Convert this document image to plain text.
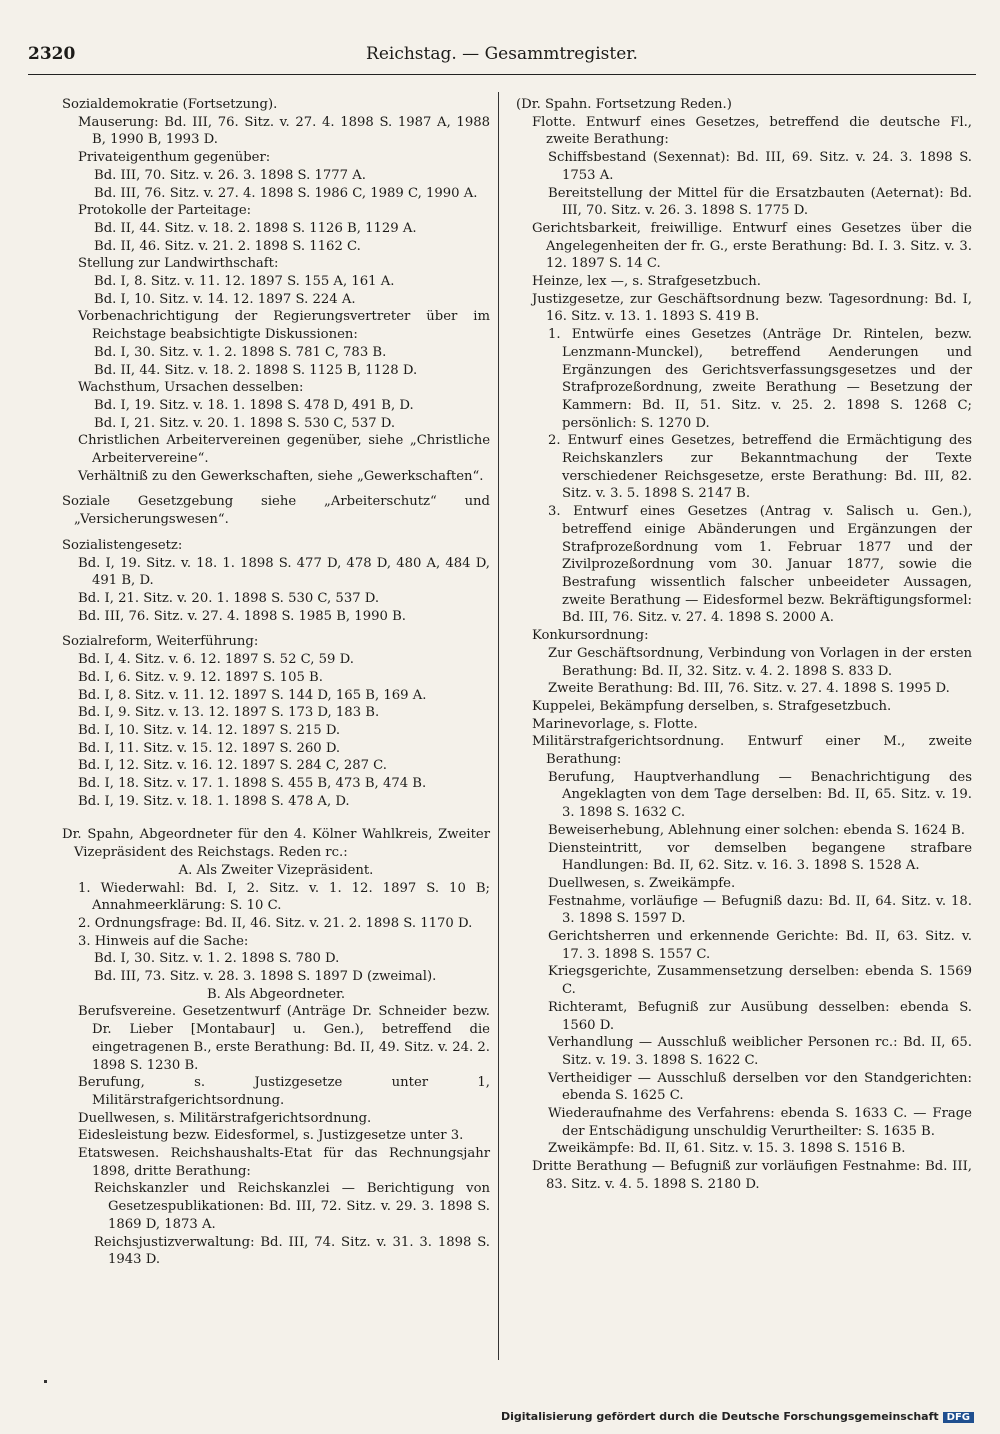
2320	Reichstag. — Gesammtregister.
Sozialdemokratie (Fortsetzung).
Mauserung: Bd. III, 76. Sitz. v. 27. 4. 1898 S. 1987 A, 1988 B, 1990 B, 1993 D.
Privateigenthum gegenüber:
Bd. III, 70. Sitz. v. 26. 3. 1898 S. 1777 A.
Bd. III, 76. Sitz. v. 27. 4. 1898 S. 1986 C, 1989 C, 1990 A.
Protokolle der Parteitage:
Bd. II, 44. Sitz. v. 18. 2. 1898 S. 1126 B, 1129 A.
Bd. II, 46. Sitz. v. 21. 2. 1898 S. 1162 C.
Stellung zur Landwirthschaft:
Bd. I, 8. Sitz. v. 11. 12. 1897 S. 155 A, 161 A.
Bd. I, 10. Sitz. v. 14. 12. 1897 S. 224 A.
Vorbenachrichtigung der Regierungsvertreter über im Reichstage beabsichtigte Diskussionen:
Bd. I, 30. Sitz. v. 1. 2. 1898 S. 781 C, 783 B.
Bd. II, 44. Sitz. v. 18. 2. 1898 S. 1125 B, 1128 D.
Wachsthum, Ursachen desselben:
Bd. I, 19. Sitz. v. 18. 1. 1898 S. 478 D, 491 B, D.
Bd. I, 21. Sitz. v. 20. 1. 1898 S. 530 C, 537 D.
Christlichen Arbeitervereinen gegenüber, siehe „Christliche Arbeitervereine“.
Verhältniß zu den Gewerkschaften, siehe „Gewerkschaften“.
Soziale Gesetzgebung siehe „Arbeiterschutz“ und „Versicherungswesen“.
Sozialistengesetz:
Bd. I, 19. Sitz. v. 18. 1. 1898 S. 477 D, 478 D, 480 A, 484 D, 491 B, D.
Bd. I, 21. Sitz. v. 20. 1. 1898 S. 530 C, 537 D.
Bd. III, 76. Sitz. v. 27. 4. 1898 S. 1985 B, 1990 B.
Sozialreform, Weiterführung:
Bd. I, 4. Sitz. v. 6. 12. 1897 S. 52 C, 59 D.
Bd. I, 6. Sitz. v. 9. 12. 1897 S. 105 B.
Bd. I, 8. Sitz. v. 11. 12. 1897 S. 144 D, 165 B, 169 A.
Bd. I, 9. Sitz. v. 13. 12. 1897 S. 173 D, 183 B.
Bd. I, 10. Sitz. v. 14. 12. 1897 S. 215 D.
Bd. I, 11. Sitz. v. 15. 12. 1897 S. 260 D.
Bd. I, 12. Sitz. v. 16. 12. 1897 S. 284 C, 287 C.
Bd. I, 18. Sitz. v. 17. 1. 1898 S. 455 B, 473 B, 474 B.
Bd. I, 19. Sitz. v. 18. 1. 1898 S. 478 A, D.
Dr. Spahn, Abgeordneter für den 4. Kölner Wahlkreis, Zweiter Vizepräsident des Reichstags. Reden rc.:
A. Als Zweiter Vizepräsident.
1. Wiederwahl: Bd. I, 2. Sitz. v. 1. 12. 1897 S. 10 B; Annahmeerklärung: S. 10 C.
2. Ordnungsfrage: Bd. II, 46. Sitz. v. 21. 2. 1898 S. 1170 D.
3. Hinweis auf die Sache:
Bd. I, 30. Sitz. v. 1. 2. 1898 S. 780 D.
Bd. III, 73. Sitz. v. 28. 3. 1898 S. 1897 D (zweimal).
B. Als Abgeordneter.
Berufsvereine. Gesetzentwurf (Anträge Dr. Schneider bezw. Dr. Lieber [Montabaur] u. Gen.), betreffend die eingetragenen B., erste Berathung: Bd. II, 49. Sitz. v. 24. 2. 1898 S. 1230 B.
Berufung, s. Justizgesetze unter 1, Militärstrafgerichtsordnung.
Duellwesen, s. Militärstrafgerichtsordnung.
Eidesleistung bezw. Eidesformel, s. Justizgesetze unter 3.
Etatswesen. Reichshaushalts-Etat für das Rechnungsjahr 1898, dritte Berathung:
Reichskanzler und Reichskanzlei — Berichtigung von Gesetzespublikationen: Bd. III, 72. Sitz. v. 29. 3. 1898 S. 1869 D, 1873 A.
Reichsjustizverwaltung: Bd. III, 74. Sitz. v. 31. 3. 1898 S. 1943 D.
(Dr. Spahn. Fortsetzung Reden.)
Flotte. Entwurf eines Gesetzes, betreffend die deutsche Fl., zweite Berathung:
Schiffsbestand (Sexennat): Bd. III, 69. Sitz. v. 24. 3. 1898 S. 1753 A.
Bereitstellung der Mittel für die Ersatzbauten (Aeternat): Bd. III, 70. Sitz. v. 26. 3. 1898 S. 1775 D.
Gerichtsbarkeit, freiwillige. Entwurf eines Gesetzes über die Angelegenheiten der fr. G., erste Berathung: Bd. I. 3. Sitz. v. 3. 12. 1897 S. 14 C.
Heinze, lex —, s. Strafgesetzbuch.
Justizgesetze, zur Geschäftsordnung bezw. Tagesordnung: Bd. I, 16. Sitz. v. 13. 1. 1893 S. 419 B.
1. Entwürfe eines Gesetzes (Anträge Dr. Rintelen, bezw. Lenzmann-Munckel), betreffend Aenderungen und Ergänzungen des Gerichtsverfassungsgesetzes und der Strafprozeßordnung, zweite Berathung — Besetzung der Kammern: Bd. II, 51. Sitz. v. 25. 2. 1898 S. 1268 C; persönlich: S. 1270 D.
2. Entwurf eines Gesetzes, betreffend die Ermächtigung des Reichskanzlers zur Bekanntmachung der Texte verschiedener Reichsgesetze, erste Berathung: Bd. III, 82. Sitz. v. 3. 5. 1898 S. 2147 B.
3. Entwurf eines Gesetzes (Antrag v. Salisch u. Gen.), betreffend einige Abänderungen und Ergänzungen der Strafprozeßordnung vom 1. Februar 1877 und der Zivilprozeßordnung vom 30. Januar 1877, sowie die Bestrafung wissentlich falscher unbeeideter Aussagen, zweite Berathung — Eidesformel bezw. Bekräftigungsformel: Bd. III, 76. Sitz. v. 27. 4. 1898 S. 2000 A.
Konkursordnung:
Zur Geschäftsordnung, Verbindung von Vorlagen in der ersten Berathung: Bd. II, 32. Sitz. v. 4. 2. 1898 S. 833 D.
Zweite Berathung: Bd. III, 76. Sitz. v. 27. 4. 1898 S. 1995 D.
Kuppelei, Bekämpfung derselben, s. Strafgesetzbuch.
Marinevorlage, s. Flotte.
Militärstrafgerichtsordnung. Entwurf einer M., zweite Berathung:
Berufung, Hauptverhandlung — Benachrichtigung des Angeklagten von dem Tage derselben: Bd. II, 65. Sitz. v. 19. 3. 1898 S. 1632 C.
Beweiserhebung, Ablehnung einer solchen: ebenda S. 1624 B.
Diensteintritt, vor demselben begangene strafbare Handlungen: Bd. II, 62. Sitz. v. 16. 3. 1898 S. 1528 A.
Duellwesen, s. Zweikämpfe.
Festnahme, vorläufige — Befugniß dazu: Bd. II, 64. Sitz. v. 18. 3. 1898 S. 1597 D.
Gerichtsherren und erkennende Gerichte: Bd. II, 63. Sitz. v. 17. 3. 1898 S. 1557 C.
Kriegsgerichte, Zusammensetzung derselben: ebenda S. 1569 C.
Richteramt, Befugniß zur Ausübung desselben: ebenda S. 1560 D.
Verhandlung — Ausschluß weiblicher Personen rc.: Bd. II, 65. Sitz. v. 19. 3. 1898 S. 1622 C.
Vertheidiger — Ausschluß derselben vor den Standgerichten: ebenda S. 1625 C.
Wiederaufnahme des Verfahrens: ebenda S. 1633 C. — Frage der Entschädigung unschuldig Verurtheilter: S. 1635 B.
Zweikämpfe: Bd. II, 61. Sitz. v. 15. 3. 1898 S. 1516 B.
Dritte Berathung — Befugniß zur vorläufigen Festnahme: Bd. III, 83. Sitz. v. 4. 5. 1898 S. 2180 D.
Digitalisierung gefördert durch die Deutsche Forschungsgemeinschaft DFG
